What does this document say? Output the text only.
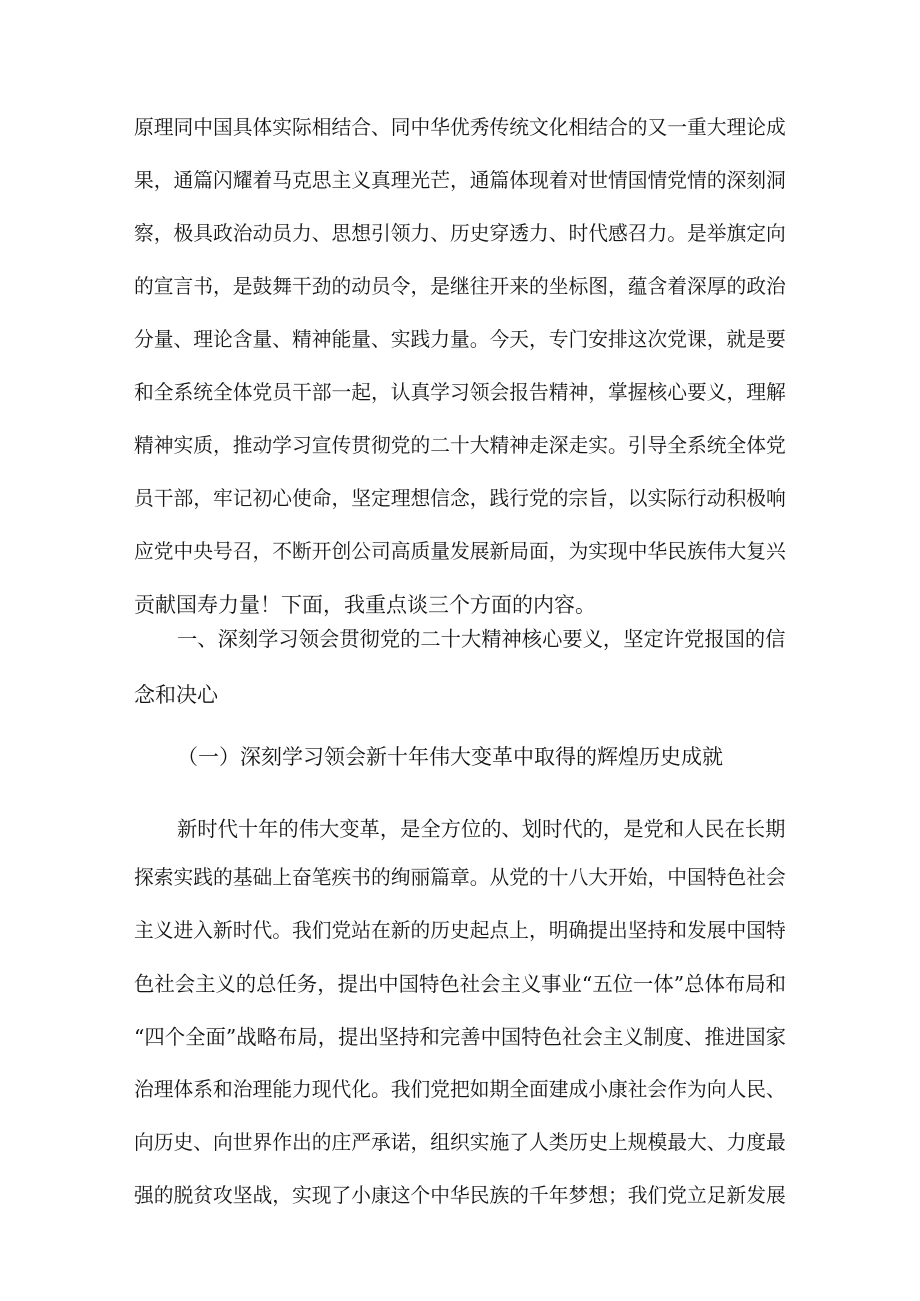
原理同中国具体实际相结合、同中华优秀传统文化相结合的又一重大理论成
果，通篇闪耀着马克思主义真理光芒，通篇体现着对世情国情党情的深刻洞
察，极具政治动员力、思想引领力、历史穿透力、时代感召力。是举旗定向
的宣言书，是鼓舞干劲的动员令，是继往开来的坐标图，蕴含着深厚的政治
分量、理论含量、精神能量、实践力量。今天，专门安排这次党课，就是要
和全系统全体党员干部一起，认真学习领会报告精神，掌握核心要义，理解
精神实质，推动学习宣传贯彻党的二十大精神走深走实。引导全系统全体党
员干部，牢记初心使命，坚定理想信念，践行党的宗旨，以实际行动积极响
应党中央号召，不断开创公司高质量发展新局面，为实现中华民族伟大复兴
贡献国寿力量！下面，我重点谈三个方面的内容。
一、深刻学习领会贯彻党的二十大精神核心要义，坚定许党报国的信
念和决心
（一）深刻学习领会新十年伟大变革中取得的辉煌历史成就
新时代十年的伟大变革，是全方位的、划时代的，是党和人民在长期
探索实践的基础上奋笔疾书的绚丽篇章。从党的十八大开始，中国特色社会
主义进入新时代。我们党站在新的历史起点上，明确提出坚持和发展中国特
色社会主义的总任务，提出中国特色社会主义事业“五位一体”总体布局和
“四个全面”战略布局，提出坚持和完善中国特色社会主义制度、推进国家
治理体系和治理能力现代化。我们党把如期全面建成小康社会作为向人民、
向历史、向世界作出的庄严承诺，组织实施了人类历史上规模最大、力度最
强的脱贫攻坚战，实现了小康这个中华民族的千年梦想；我们党立足新发展
